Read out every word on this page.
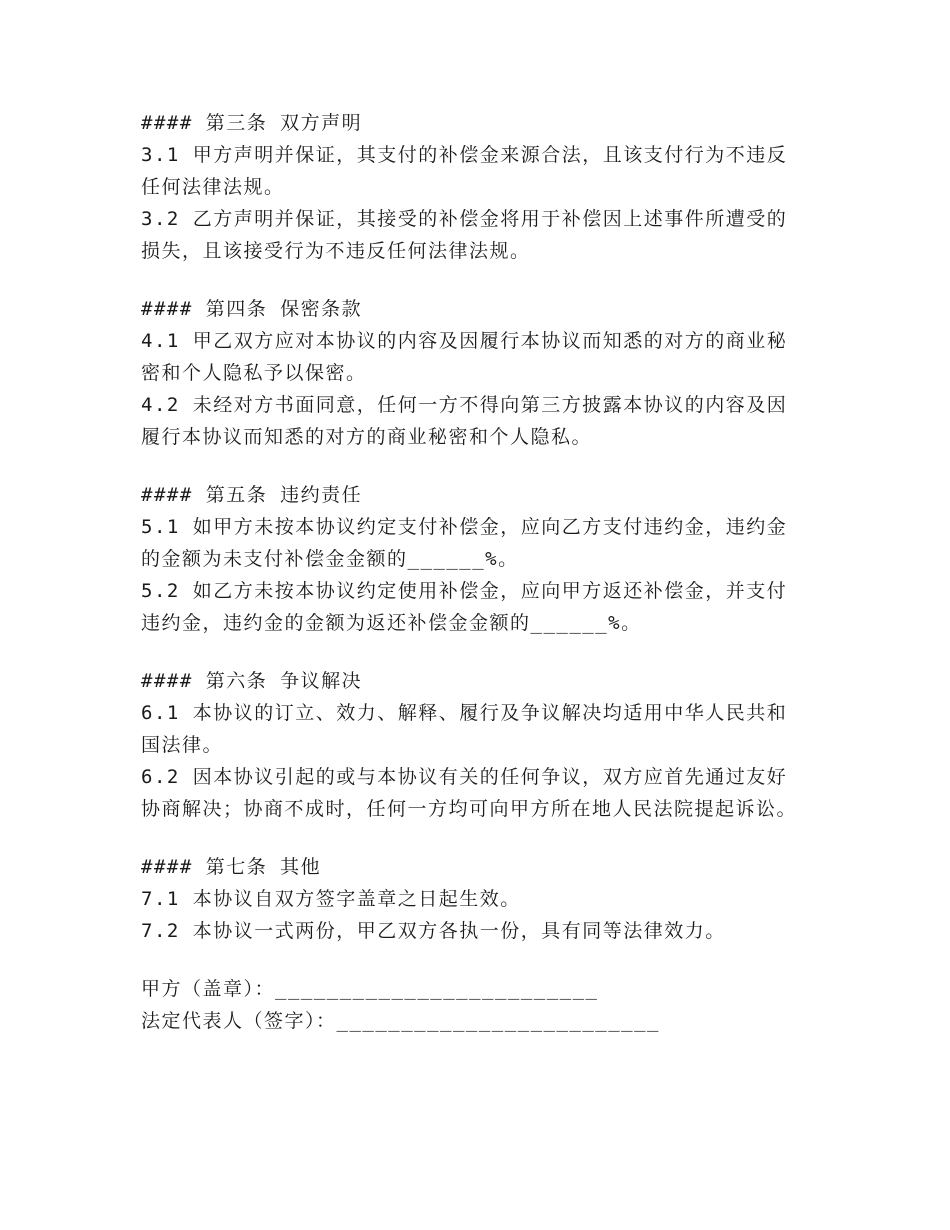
#### 第三条 双方声明

3.1 甲方声明并保证，其支付的补偿金来源合法，且该支付行为不违反任何法律法规。

3.2 乙方声明并保证，其接受的补偿金将用于补偿因上述事件所遭受的损失，且该接受行为不违反任何法律法规。

#### 第四条 保密条款

4.1 甲乙双方应对本协议的内容及因履行本协议而知悉的对方的商业秘密和个人隐私予以保密。

4.2 未经对方书面同意，任何一方不得向第三方披露本协议的内容及因履行本协议而知悉的对方的商业秘密和个人隐私。

#### 第五条 违约责任

5.1 如甲方未按本协议约定支付补偿金，应向乙方支付违约金，违约金的金额为未支付补偿金金额的______%。

5.2 如乙方未按本协议约定使用补偿金，应向甲方返还补偿金，并支付违约金，违约金的金额为返还补偿金金额的______%。

#### 第六条 争议解决

6.1 本协议的订立、效力、解释、履行及争议解决均适用中华人民共和国法律。

6.2 因本协议引起的或与本协议有关的任何争议，双方应首先通过友好协商解决；协商不成时，任何一方均可向甲方所在地人民法院提起诉讼。

#### 第七条 其他

7.1 本协议自双方签字盖章之日起生效。

7.2 本协议一式两份，甲乙双方各执一份，具有同等法律效力。

甲方（盖章）：_________________________

法定代表人（签字）：_________________________
